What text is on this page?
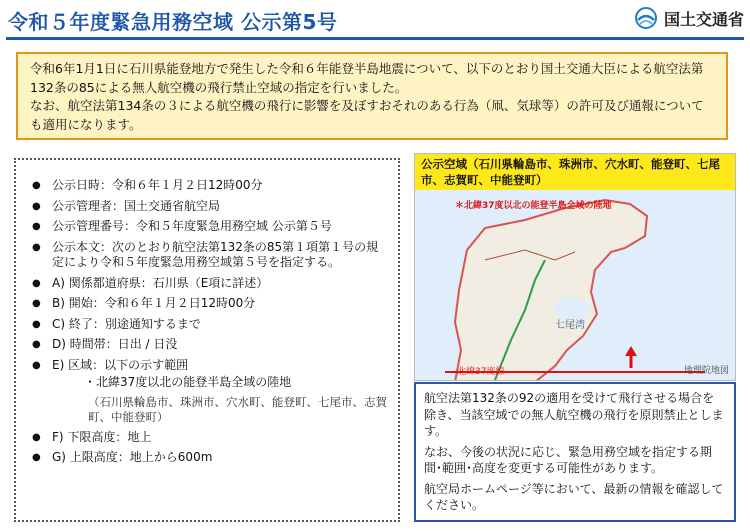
令和５年度緊急用務空域 公示第5号	国土交通省

令和6年1月1日に石川県能登地方で発生した令和６年能登半島地震について、以下のとおり国土交通大臣による航空法第132条の85による無人航空機の飛行禁止空域の指定を行いました。

なお、航空法第134条の３による航空機の飛行に影響を及ぼすおそれのある行為（凧、気球等）の許可及び通報についても適用になります。

● 公示日時：令和６年１月２日12時00分
● 公示管理者：国土交通省航空局
● 公示管理番号：令和５年度緊急用務空域 公示第５号
● 公示本文：次のとおり航空法第132条の85第１項第１号の規定により令和５年度緊急用務空域第５号を指定する。
● A) 関係都道府県：石川県（E項に詳述）
● B) 開始：令和６年１月２日12時00分
● C) 終了：別途通知するまで
● D) 時間帯：日出 / 日没
● E) 区域：以下の示す範囲
・北緯37度以北の能登半島全域の陸地
（石川県輪島市、珠洲市、穴水町、能登町、七尾市、志賀町、中能登町）
● F) 下限高度：地上
● G) 上限高度：地上から600m
公示空域（石川県輪島市、珠洲市、穴水町、能登町、七尾市、志賀町、中能登町）
＊北緯37度以北の能登半島全域の陸地
七尾湾
北緯37度線	地理院地図

航空法第132条の92の適用を受けて飛行させる場合を除き、当該空域での無人航空機の飛行を原則禁止とします。

なお、今後の状況に応じ、緊急用務空域を指定する期間･範囲･高度を変更する可能性があります。

航空局ホームページ等において、最新の情報を確認してください。
